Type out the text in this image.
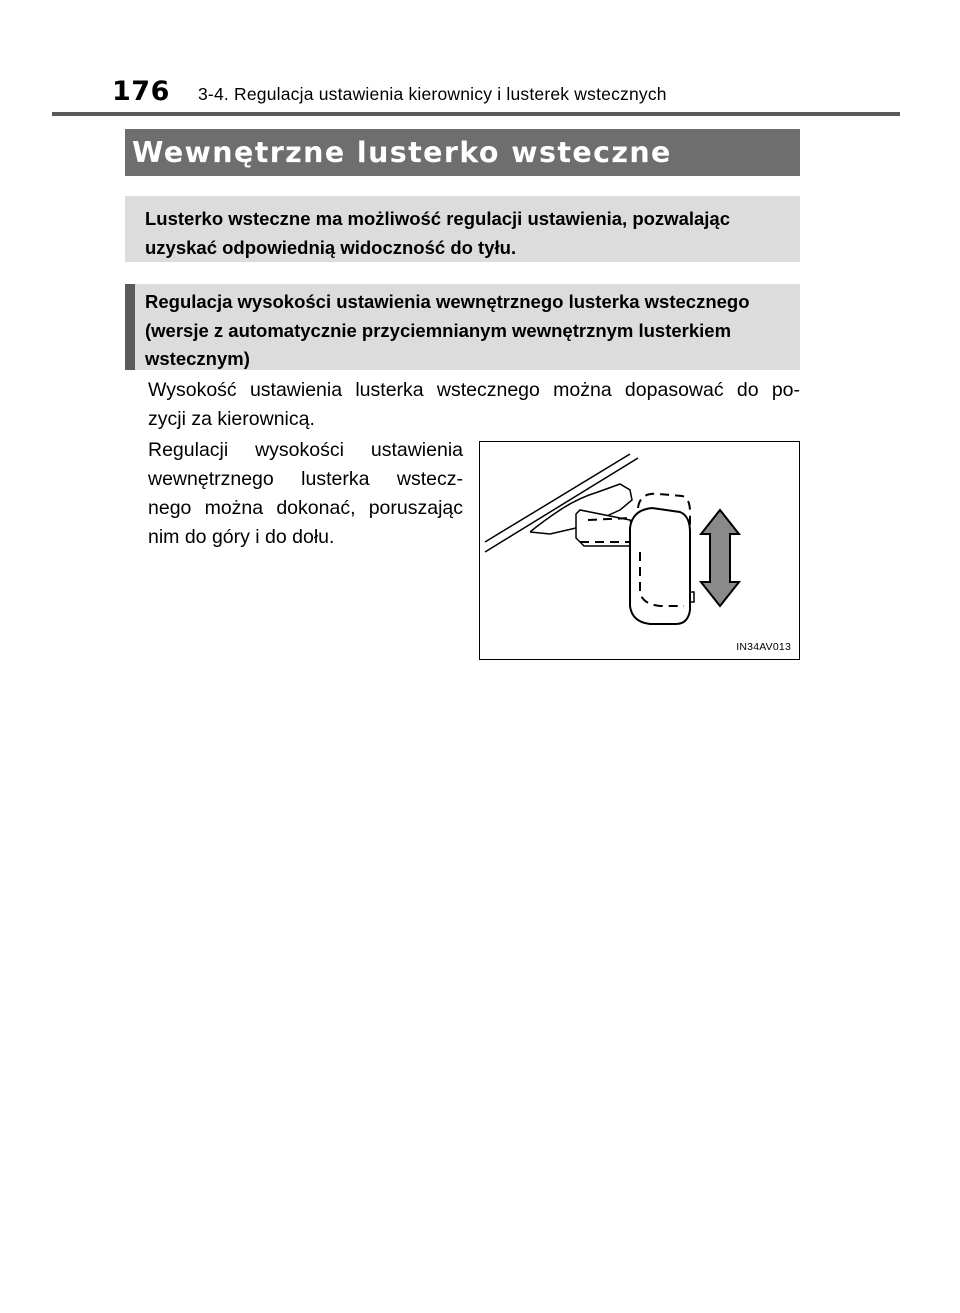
176 3-4. Regulacja ustawienia kierownicy i lusterek wstecznych
Wewnętrzne lusterko wsteczne
Lusterko wsteczne ma możliwość regulacji ustawienia, pozwalając
uzyskać odpowiednią widoczność do tyłu.
Regulacja wysokości ustawienia wewnętrznego lusterka wstecznego
(wersje z automatycznie przyciemnianym wewnętrznym lusterkiem
wstecznym)
Wysokość ustawienia lusterka wstecznego można dopasować do po-
zycji za kierownicą.
Regulacji wysokości ustawienia
wewnętrznego lusterka wstecz-
nego można dokonać, poruszając
nim do góry i do dołu.
IN34AV013
